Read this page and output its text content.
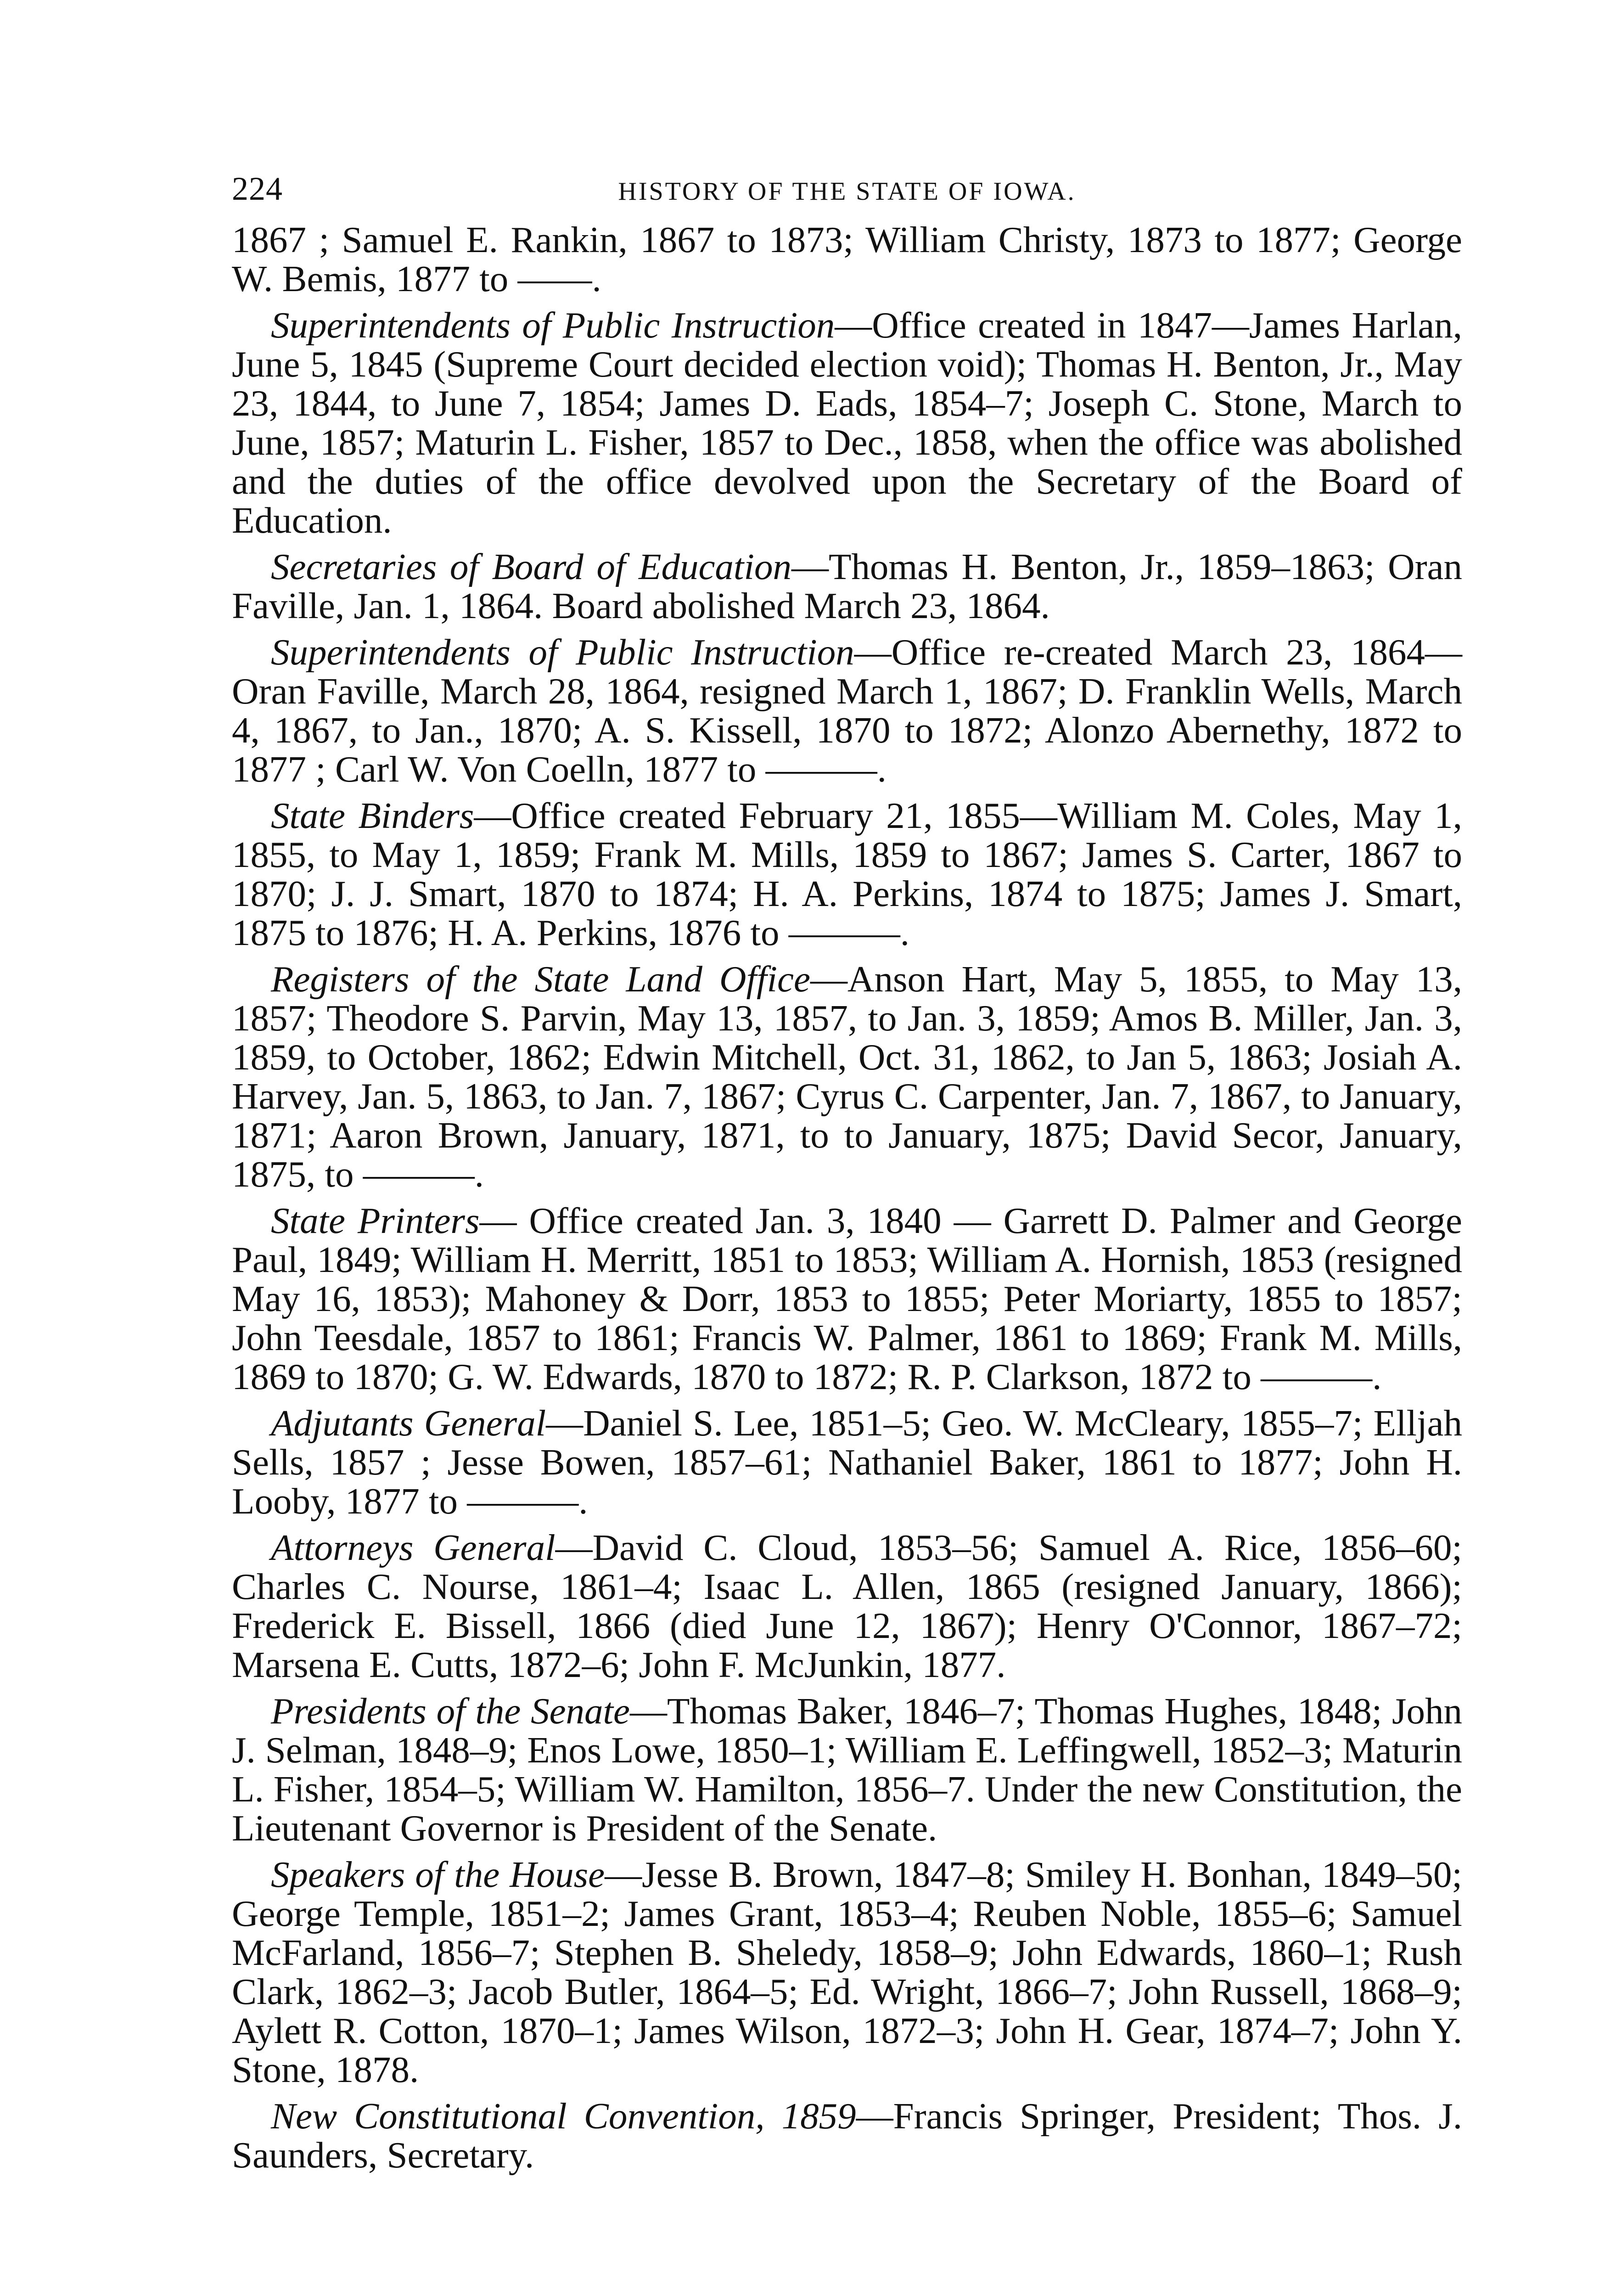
224	HISTORY OF THE STATE OF IOWA.

1867 ; Samuel E. Rankin, 1867 to 1873; William Christy, 1873 to 1877; George W. Bemis, 1877 to ——.

Superintendents of Public Instruction—Office created in 1847—James Harlan, June 5, 1845 (Supreme Court decided election void); Thomas H. Benton, Jr., May 23, 1844, to June 7, 1854; James D. Eads, 1854–7; Joseph C. Stone, March to June, 1857; Maturin L. Fisher, 1857 to Dec., 1858, when the office was abolished and the duties of the office devolved upon the Secretary of the Board of Education.

Secretaries of Board of Education—Thomas H. Benton, Jr., 1859–1863; Oran Faville, Jan. 1, 1864. Board abolished March 23, 1864.

Superintendents of Public Instruction—Office re-created March 23, 1864—Oran Faville, March 28, 1864, resigned March 1, 1867; D. Franklin Wells, March 4, 1867, to Jan., 1870; A. S. Kissell, 1870 to 1872; Alonzo Abernethy, 1872 to 1877 ; Carl W. Von Coelln, 1877 to ———.

State Binders—Office created February 21, 1855—William M. Coles, May 1, 1855, to May 1, 1859; Frank M. Mills, 1859 to 1867; James S. Carter, 1867 to 1870; J. J. Smart, 1870 to 1874; H. A. Perkins, 1874 to 1875; James J. Smart, 1875 to 1876; H. A. Perkins, 1876 to ———.

Registers of the State Land Office—Anson Hart, May 5, 1855, to May 13, 1857; Theodore S. Parvin, May 13, 1857, to Jan. 3, 1859; Amos B. Miller, Jan. 3, 1859, to October, 1862; Edwin Mitchell, Oct. 31, 1862, to Jan 5, 1863; Josiah A. Harvey, Jan. 5, 1863, to Jan. 7, 1867; Cyrus C. Carpenter, Jan. 7, 1867, to January, 1871; Aaron Brown, January, 1871, to to January, 1875; David Secor, January, 1875, to ———.

State Printers— Office created Jan. 3, 1840 — Garrett D. Palmer and George Paul, 1849; William H. Merritt, 1851 to 1853; William A. Hornish, 1853 (resigned May 16, 1853); Mahoney & Dorr, 1853 to 1855; Peter Moriarty, 1855 to 1857; John Teesdale, 1857 to 1861; Francis W. Palmer, 1861 to 1869; Frank M. Mills, 1869 to 1870; G. W. Edwards, 1870 to 1872; R. P. Clarkson, 1872 to ———.

Adjutants General—Daniel S. Lee, 1851–5; Geo. W. McCleary, 1855–7; Elljah Sells, 1857 ; Jesse Bowen, 1857–61; Nathaniel Baker, 1861 to 1877; John H. Looby, 1877 to ———.

Attorneys General—David C. Cloud, 1853–56; Samuel A. Rice, 1856–60; Charles C. Nourse, 1861–4; Isaac L. Allen, 1865 (resigned January, 1866); Frederick E. Bissell, 1866 (died June 12, 1867); Henry O'Connor, 1867–72; Marsena E. Cutts, 1872–6; John F. McJunkin, 1877.

Presidents of the Senate—Thomas Baker, 1846–7; Thomas Hughes, 1848; John J. Selman, 1848–9; Enos Lowe, 1850–1; William E. Leffingwell, 1852–3; Maturin L. Fisher, 1854–5; William W. Hamilton, 1856–7. Under the new Constitution, the Lieutenant Governor is President of the Senate.

Speakers of the House—Jesse B. Brown, 1847–8; Smiley H. Bonhan, 1849–50; George Temple, 1851–2; James Grant, 1853–4; Reuben Noble, 1855–6; Samuel McFarland, 1856–7; Stephen B. Sheledy, 1858–9; John Edwards, 1860–1; Rush Clark, 1862–3; Jacob Butler, 1864–5; Ed. Wright, 1866–7; John Russell, 1868–9; Aylett R. Cotton, 1870–1; James Wilson, 1872–3; John H. Gear, 1874–7; John Y. Stone, 1878.

New Constitutional Convention, 1859—Francis Springer, President; Thos. J. Saunders, Secretary.
